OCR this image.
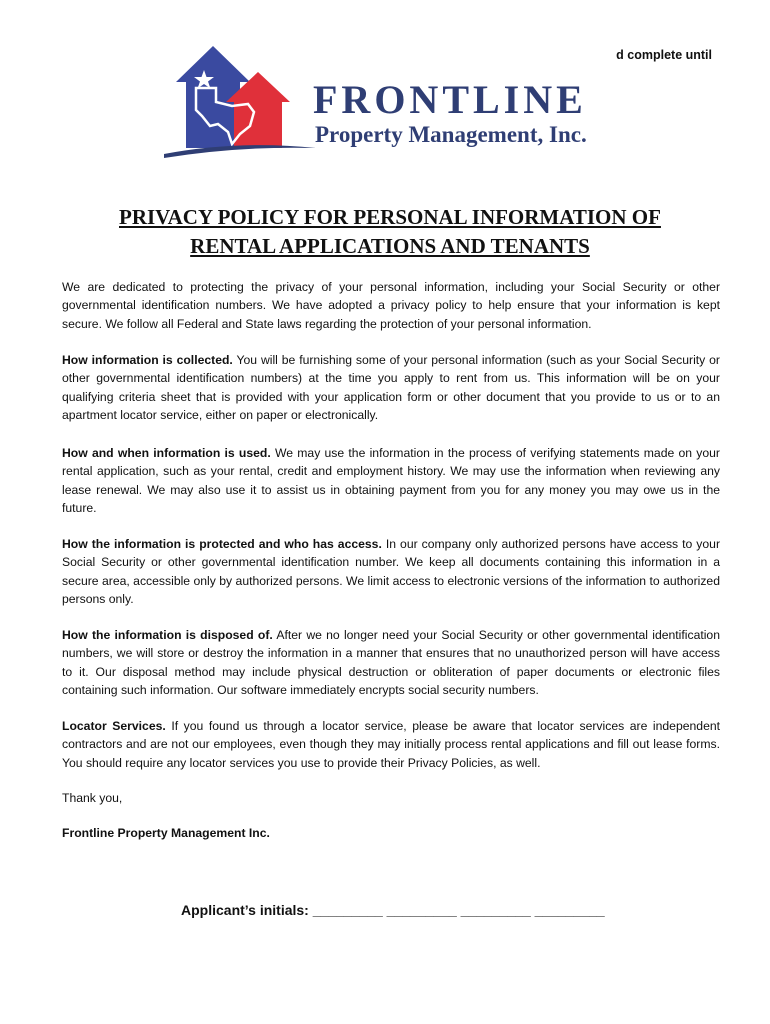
d complete until
FRONTLINE
Property Management, Inc.
PRIVACY POLICY FOR PERSONAL INFORMATION OF
RENTAL APPLICATIONS AND TENANTS
We are dedicated to protecting the privacy of your personal information, including your Social Security or other governmental identification numbers. We have adopted a privacy policy to help ensure that your information is kept secure. We follow all Federal and State laws regarding the protection of your personal information.
How information is collected. You will be furnishing some of your personal information (such as your Social Security or other governmental identification numbers) at the time you apply to rent from us. This information will be on your qualifying criteria sheet that is provided with your application form or other document that you provide to us or to an apartment locator service, either on paper or electronically.
How and when information is used. We may use the information in the process of verifying statements made on your rental application, such as your rental, credit and employment history. We may use the information when reviewing any lease renewal. We may also use it to assist us in obtaining payment from you for any money you may owe us in the future.
How the information is protected and who has access. In our company only authorized persons have access to your Social Security or other governmental identification number. We keep all documents containing this information in a secure area, accessible only by authorized persons. We limit access to electronic versions of the information to authorized persons only.
How the information is disposed of. After we no longer need your Social Security or other governmental identification numbers, we will store or destroy the information in a manner that ensures that no unauthorized person will have access to it. Our disposal method may include physical destruction or obliteration of paper documents or electronic files containing such information. Our software immediately encrypts social security numbers.
Locator Services. If you found us through a locator service, please be aware that locator services are independent contractors and are not our employees, even though they may initially process rental applications and fill out lease forms. You should require any locator services you use to provide their Privacy Policies, as well.
Thank you,
Frontline Property Management Inc.
Applicant’s initials: _________ _________ _________ _________
